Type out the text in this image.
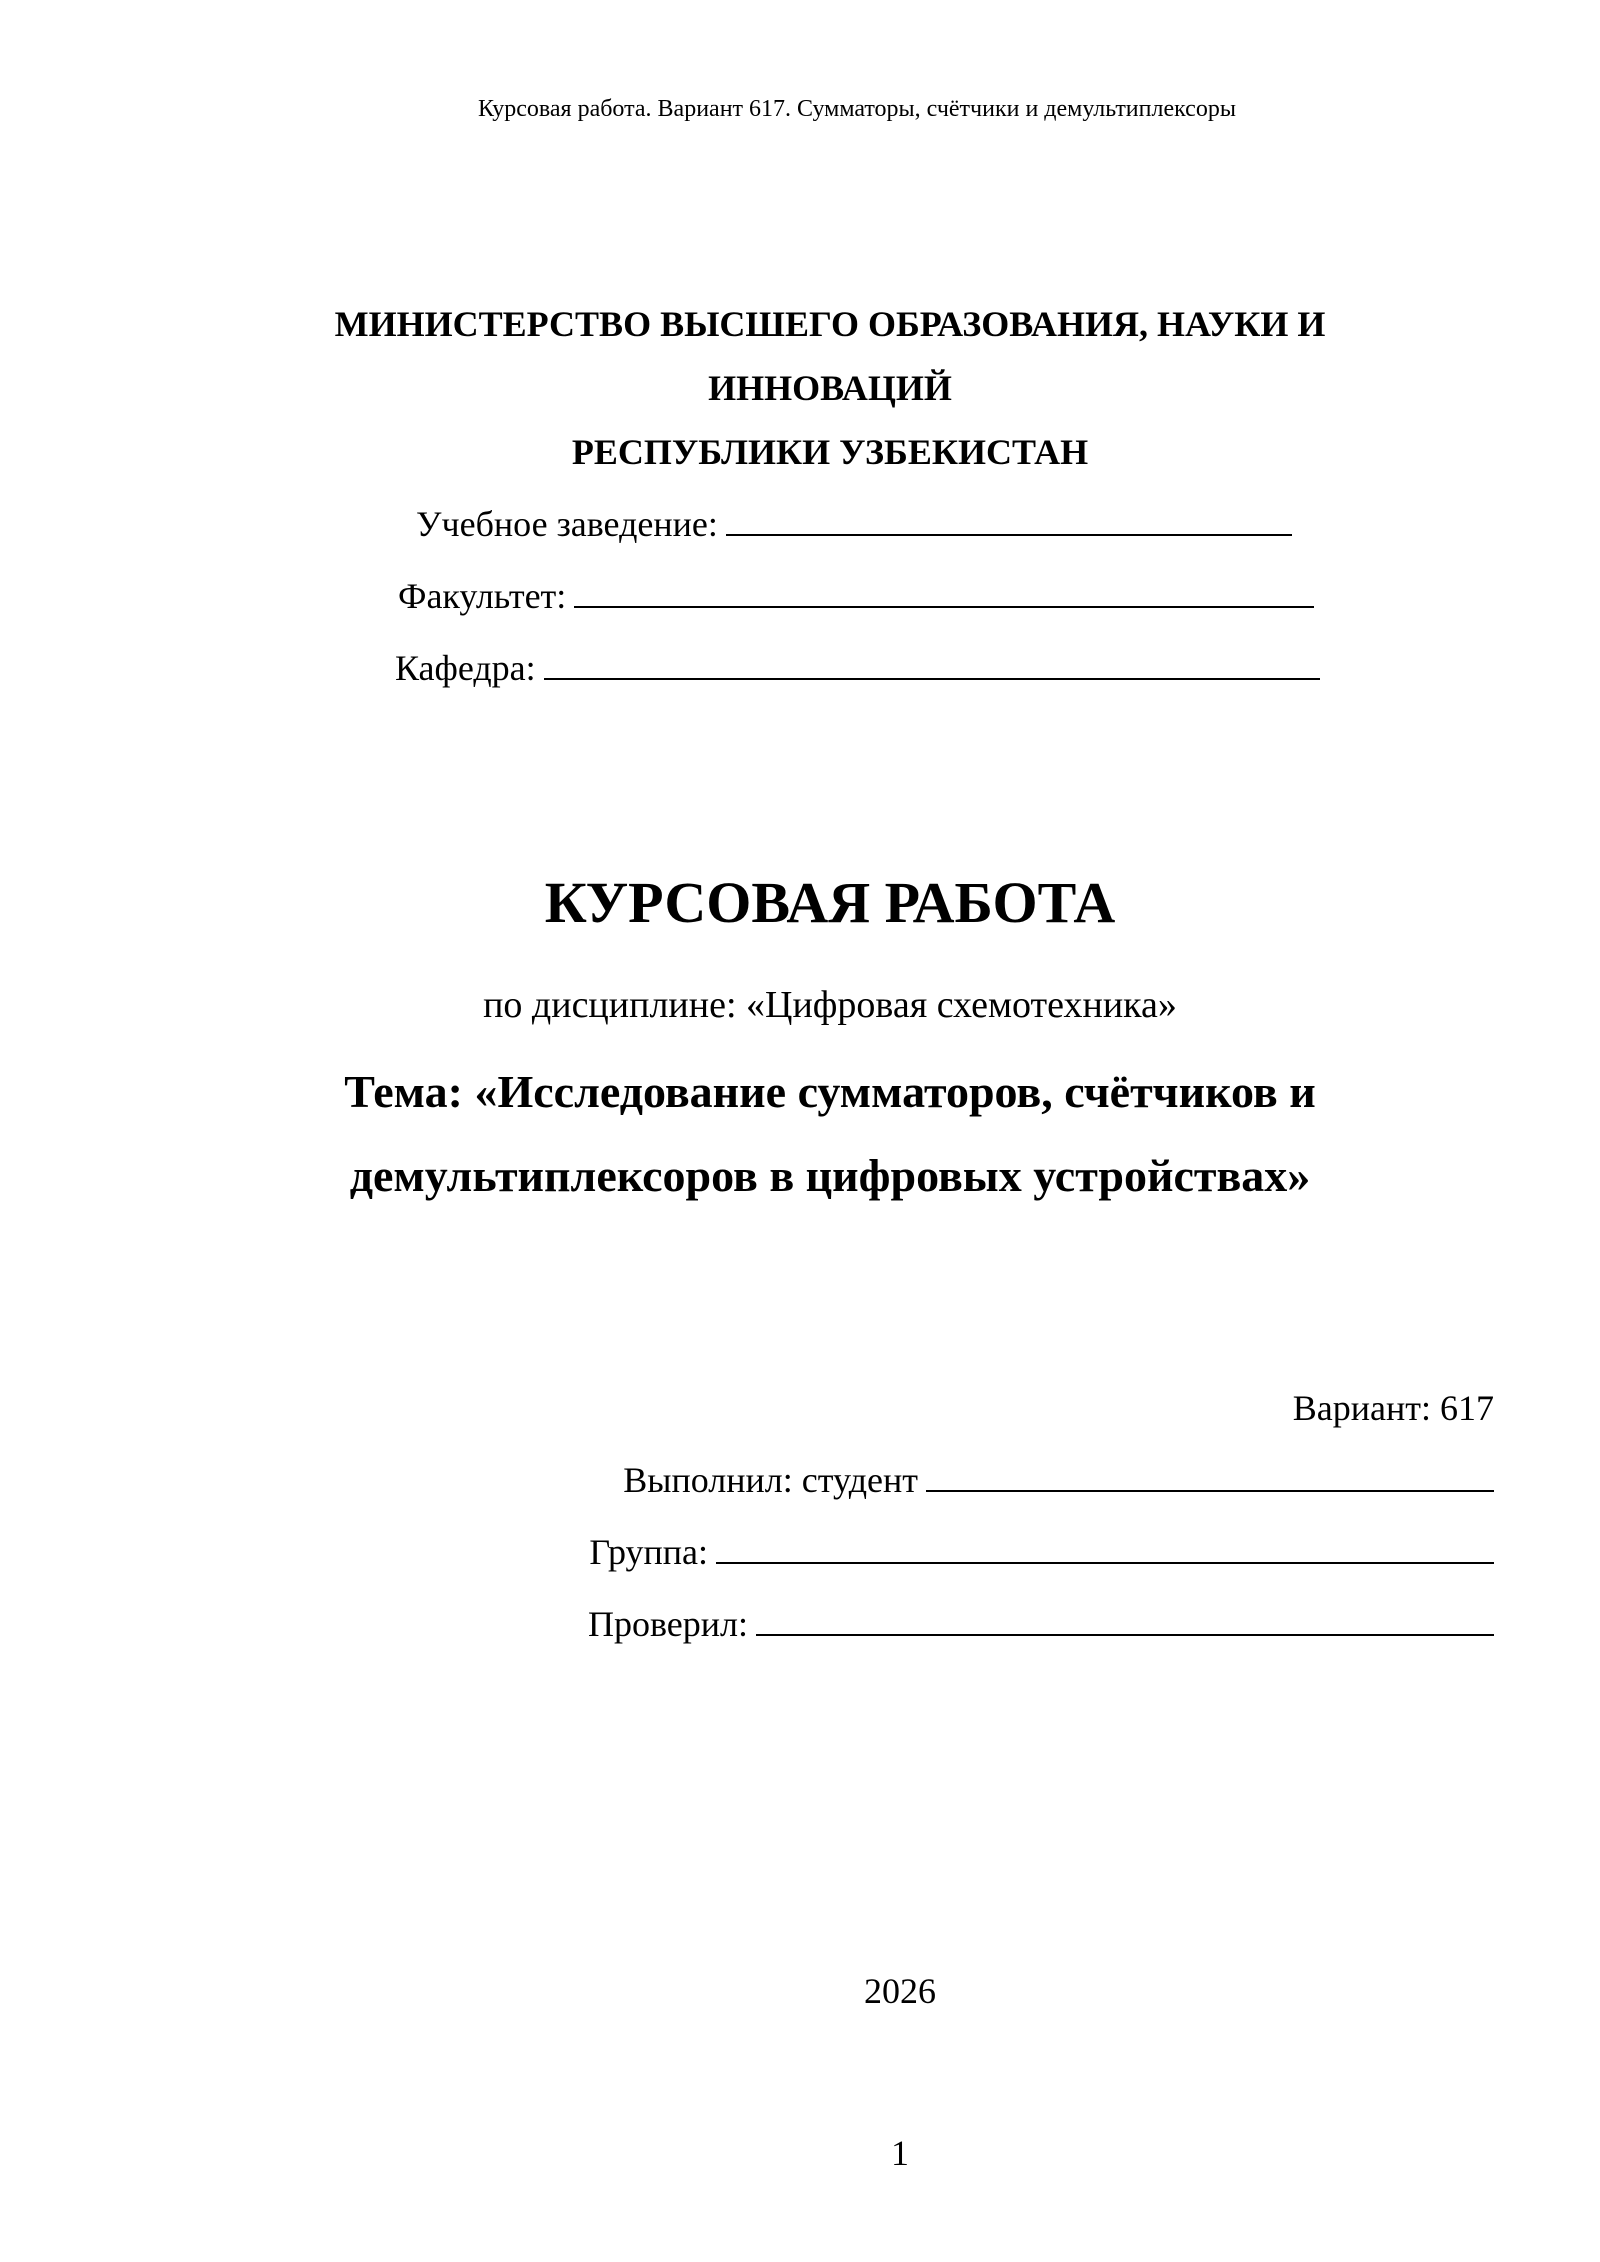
Курсовая работа. Вариант 617. Сумматоры, счётчики и демультиплексоры
МИНИСТЕРСТВО ВЫСШЕГО ОБРАЗОВАНИЯ, НАУКИ И
ИННОВАЦИЙ
РЕСПУБЛИКИ УЗБЕКИСТАН
Учебное заведение:
Факультет:
Кафедра:
КУРСОВАЯ РАБОТА
по дисциплине: «Цифровая схемотехника»
Тема: «Исследование сумматоров, счётчиков и
демультиплексоров в цифровых устройствах»
Вариант: 617
Выполнил: студент
Группа:
Проверил:
2026
1
